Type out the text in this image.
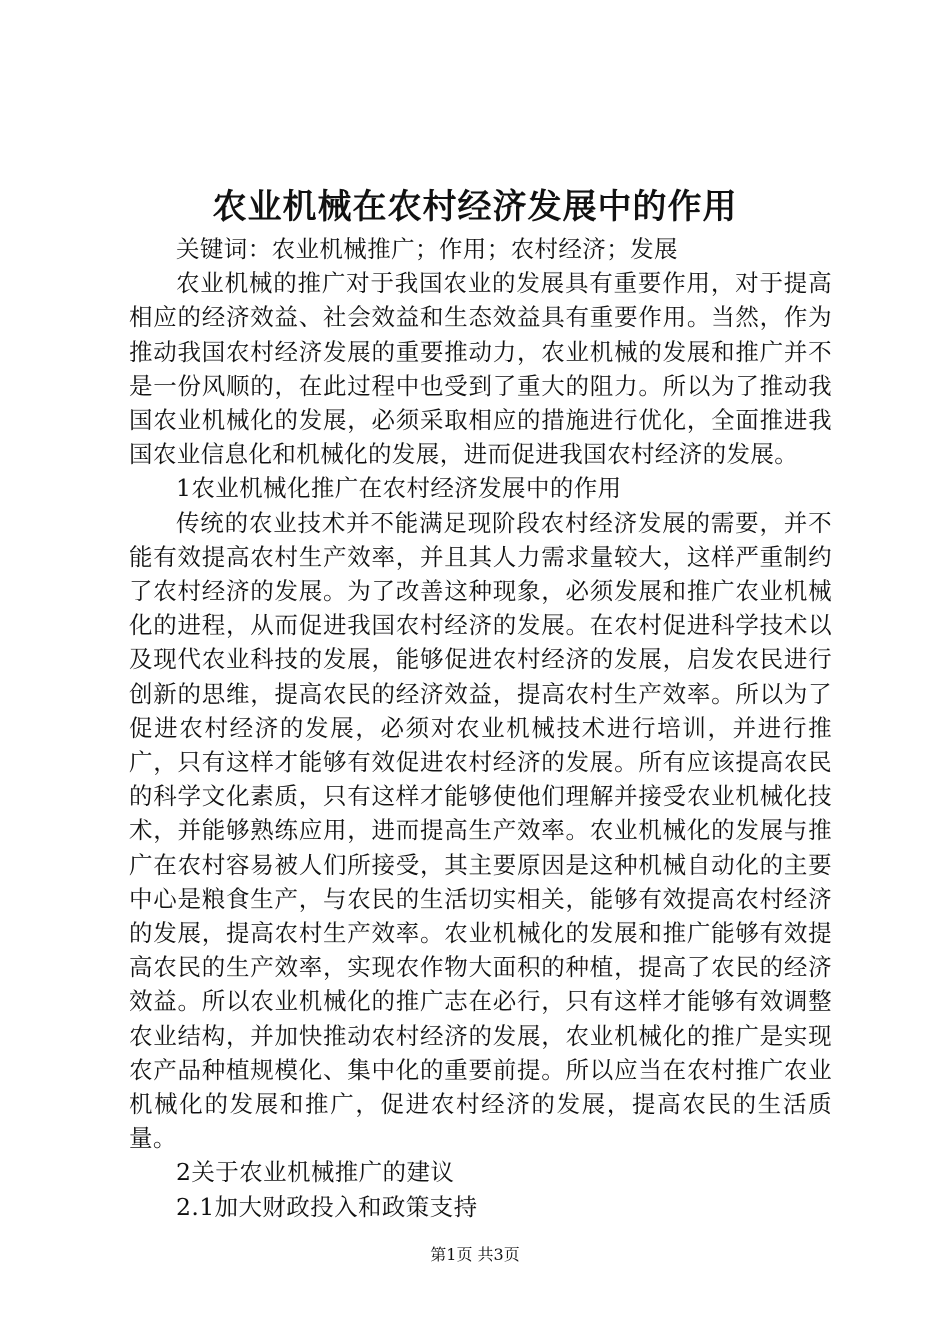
农业机械在农村经济发展中的作用

关键词：农业机械推广；作用；农村经济；发展

农业机械的推广对于我国农业的发展具有重要作用，对于提高相应的经济效益、社会效益和生态效益具有重要作用。当然，作为推动我国农村经济发展的重要推动力，农业机械的发展和推广并不是一份风顺的，在此过程中也受到了重大的阻力。所以为了推动我国农业机械化的发展，必须采取相应的措施进行优化，全面推进我国农业信息化和机械化的发展，进而促进我国农村经济的发展。

1农业机械化推广在农村经济发展中的作用

传统的农业技术并不能满足现阶段农村经济发展的需要，并不能有效提高农村生产效率，并且其人力需求量较大，这样严重制约了农村经济的发展。为了改善这种现象，必须发展和推广农业机械化的进程，从而促进我国农村经济的发展。在农村促进科学技术以及现代农业科技的发展，能够促进农村经济的发展，启发农民进行创新的思维，提高农民的经济效益，提高农村生产效率。所以为了促进农村经济的发展，必须对农业机械技术进行培训，并进行推广，只有这样才能够有效促进农村经济的发展。所有应该提高农民的科学文化素质，只有这样才能够使他们理解并接受农业机械化技术，并能够熟练应用，进而提高生产效率。农业机械化的发展与推广在农村容易被人们所接受，其主要原因是这种机械自动化的主要中心是粮食生产，与农民的生活切实相关，能够有效提高农村经济的发展，提高农村生产效率。农业机械化的发展和推广能够有效提高农民的生产效率，实现农作物大面积的种植，提高了农民的经济效益。所以农业机械化的推广志在必行，只有这样才能够有效调整农业结构，并加快推动农村经济的发展，农业机械化的推广是实现农产品种植规模化、集中化的重要前提。所以应当在农村推广农业机械化的发展和推广，促进农村经济的发展，提高农民的生活质量。

2关于农业机械推广的建议

2.1加大财政投入和政策支持

第1页 共3页
